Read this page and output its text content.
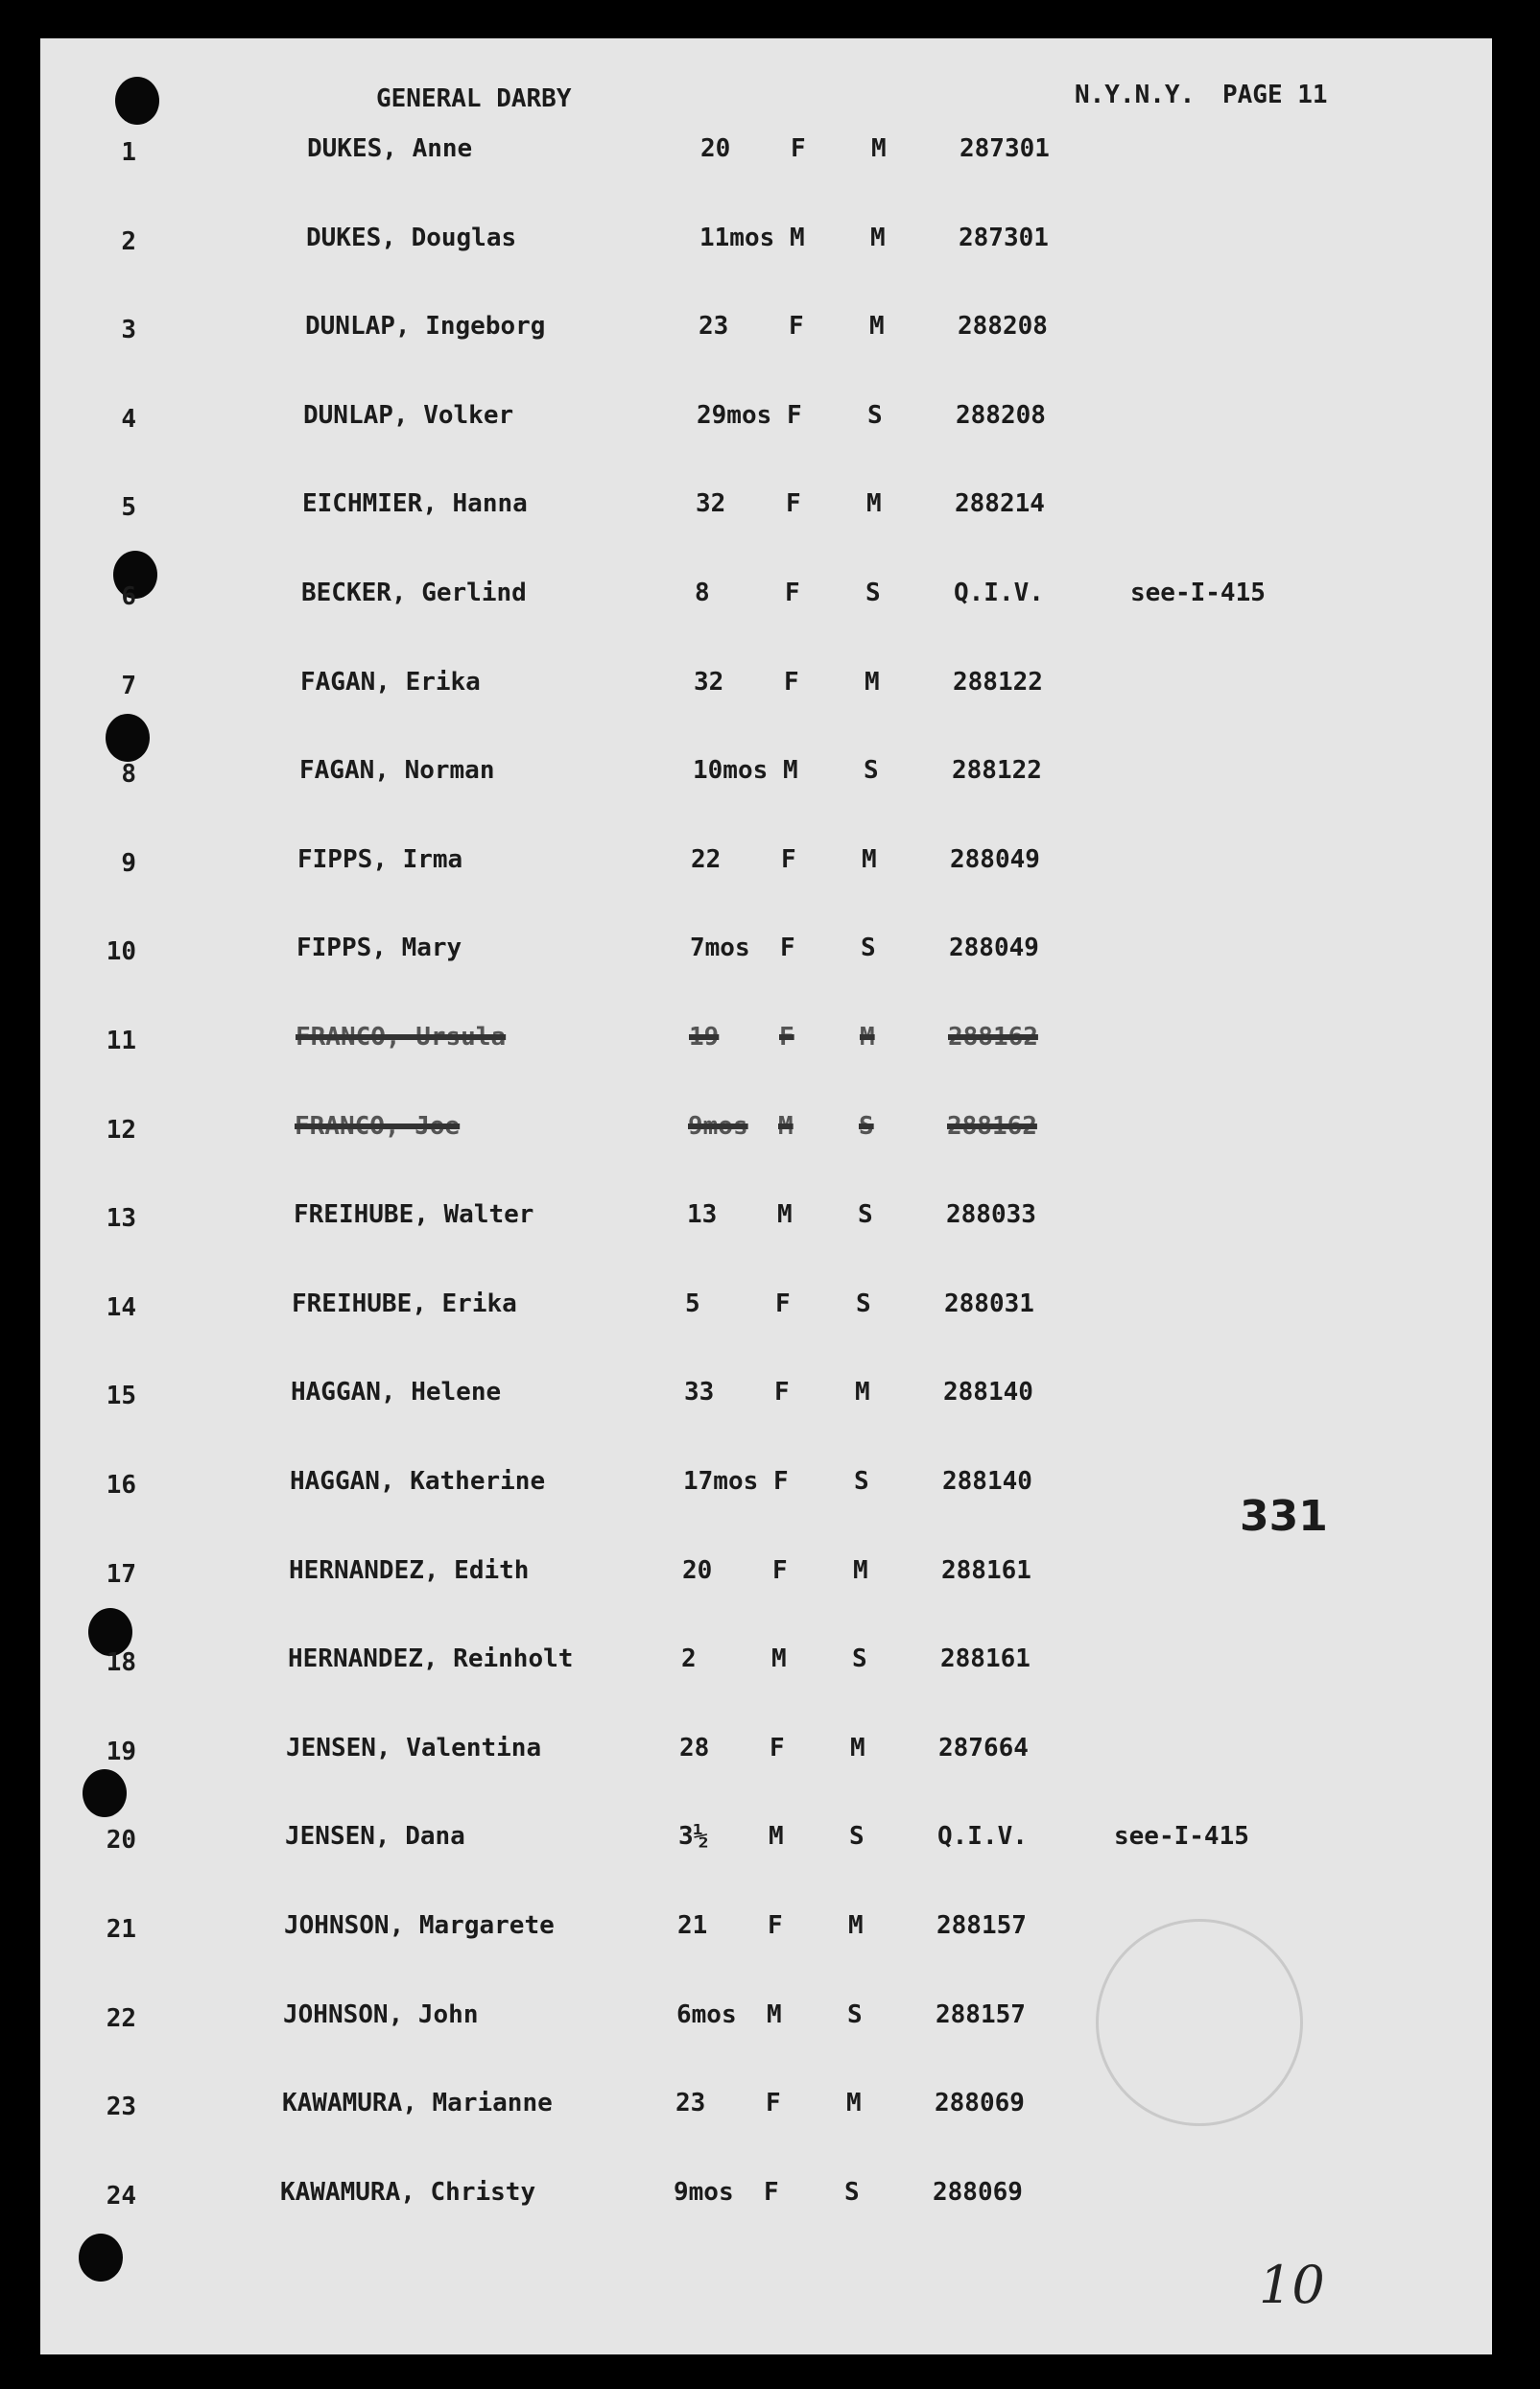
GENERAL DARBY	N.Y.N.Y. PAGE 11
1	DUKES, Anne	20 F	M	287301
2	DUKES, Douglas	11mos M	M	287301
3	DUNLAP, Ingeborg	23 F	M	288208
4	DUNLAP, Volker	29mos F	S	288208
5	EICHMIER, Hanna	32 F	M	288214
6	BECKER, Gerlind	8	F	S	Q.I.V.	see-I-415
7	FAGAN, Erika	32 F	M	288122
8	FAGAN, Norman	10mos M	S	288122
9	FIPPS, Irma	22 F	M	288049
10	FIPPS, Mary	7mos F	S	288049
11	FRANCO, Ursula	19 F	M	288162
12	FRANCO, Joe	9mos M	S	288162
13	FREIHUBE, Walter	13 M	S	288033
14	FREIHUBE, Erika	5	F	S	288031
15	HAGGAN, Helene	33 F	M	288140
16	HAGGAN, Katherine	17mos F	S	288140
17	HERNANDEZ, Edith	20 F	M	288161
18	HERNANDEZ, Reinholt	2	M	S	288161
19	JENSEN, Valentina	28 F	M	287664
20	JENSEN, Dana	3½ M	S	Q.I.V.	see-I-415
21	JOHNSON, Margarete	21 F	M	288157
22	JOHNSON, John	6mos M	S	288157
23	KAWAMURA, Marianne	23 F	M	288069
24	KAWAMURA, Christy	9mos F	S	288069
331
10
